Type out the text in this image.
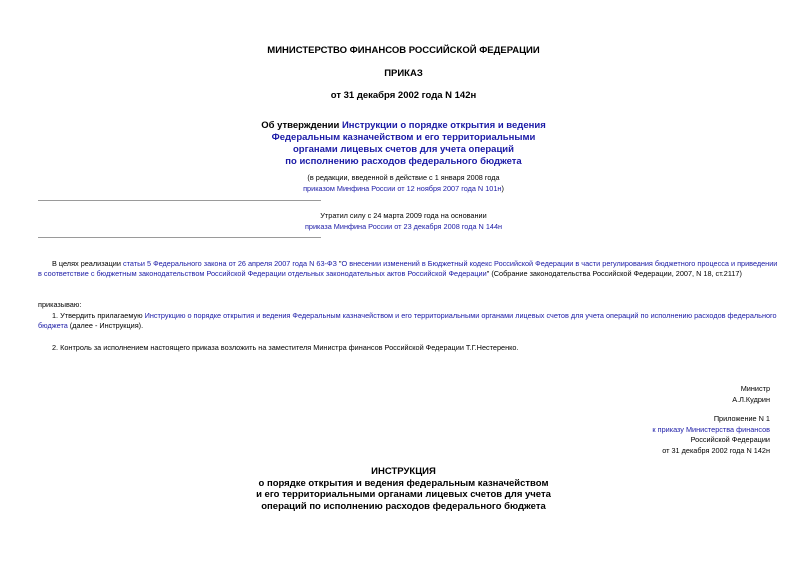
МИНИСТЕРСТВО ФИНАНСОВ РОССИЙСКОЙ ФЕДЕРАЦИИ
ПРИКАЗ
от 31 декабря 2002 года N 142н
Об утверждении Инструкции о порядке открытия и ведения
Федеральным казначейством и его территориальными
органами лицевых счетов для учета операций
по исполнению расходов федерального бюджета
(в редакции, введенной в действие с 1 января 2008 года
приказом Минфина России от 12 ноября 2007 года N 101н)
Утратил силу с 24 марта 2009 года на основании
приказа Минфина России от 23 декабря 2008 года N 144н
В целях реализации статьи 5 Федерального закона от 26 апреля 2007 года N 63-ФЗ "О внесении изменений в Бюджетный кодекс Российской Федерации в части регулирования бюджетного процесса и приведении
в соответствие с бюджетным законодательством Российской Федерации отдельных законодательных актов Российской Федерации" (Собрание законодательства Российской Федерации, 2007, N 18, ст.2117)
приказываю:
1. Утвердить прилагаемую Инструкцию о порядке открытия и ведения Федеральным казначейством и его территориальными органами лицевых счетов для учета операций по исполнению расходов федерального
бюджета (далее - Инструкция).
2. Контроль за исполнением настоящего приказа возложить на заместителя Министра финансов Российской Федерации Т.Г.Нестеренко.
Министр
А.Л.Кудрин
Приложение N 1
к приказу Министерства финансов
Российской Федерации
от 31 декабря 2002 года N 142н
ИНСТРУКЦИЯ
о порядке открытия и ведения федеральным казначейством
и его территориальными органами лицевых счетов для учета
операций по исполнению расходов федерального бюджета
